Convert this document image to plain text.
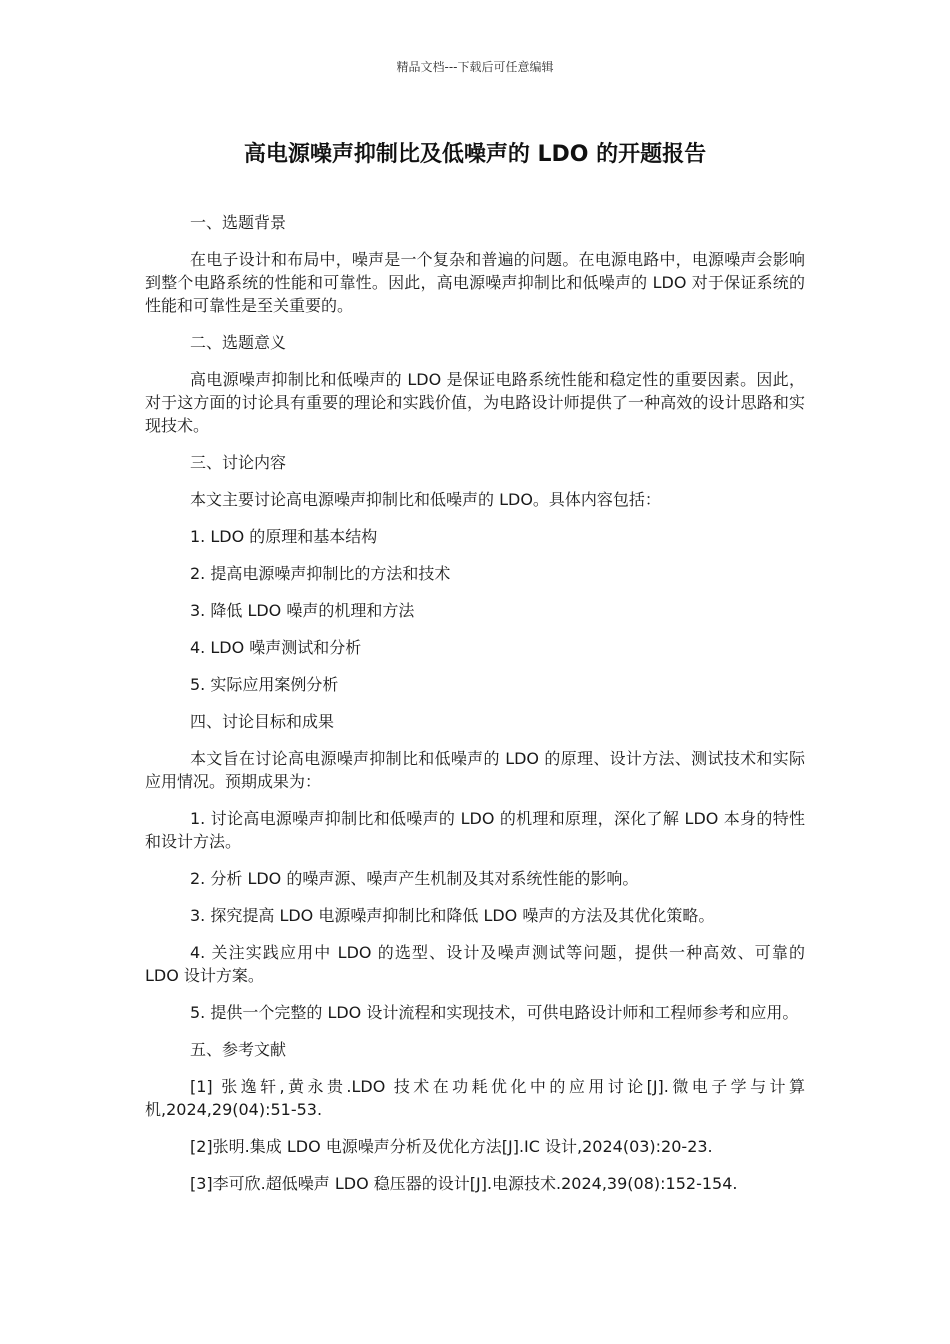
精品文档---下载后可任意编辑
高电源噪声抑制比及低噪声的 LDO 的开题报告

一、选题背景

在电子设计和布局中，噪声是一个复杂和普遍的问题。在电源电路中，电源噪声会影响到整个电路系统的性能和可靠性。因此，高电源噪声抑制比和低噪声的 LDO 对于保证系统的性能和可靠性是至关重要的。

二、选题意义

高电源噪声抑制比和低噪声的 LDO 是保证电路系统性能和稳定性的重要因素。因此，对于这方面的讨论具有重要的理论和实践价值，为电路设计师提供了一种高效的设计思路和实现技术。

三、讨论内容

本文主要讨论高电源噪声抑制比和低噪声的 LDO。具体内容包括：

1. LDO 的原理和基本结构

2. 提高电源噪声抑制比的方法和技术

3. 降低 LDO 噪声的机理和方法

4. LDO 噪声测试和分析

5. 实际应用案例分析

四、讨论目标和成果

本文旨在讨论高电源噪声抑制比和低噪声的 LDO 的原理、设计方法、测试技术和实际应用情况。预期成果为：

1. 讨论高电源噪声抑制比和低噪声的 LDO 的机理和原理，深化了解 LDO 本身的特性和设计方法。

2. 分析 LDO 的噪声源、噪声产生机制及其对系统性能的影响。

3. 探究提高 LDO 电源噪声抑制比和降低 LDO 噪声的方法及其优化策略。

4. 关注实践应用中 LDO 的选型、设计及噪声测试等问题，提供一种高效、可靠的 LDO 设计方案。

5. 提供一个完整的 LDO 设计流程和实现技术，可供电路设计师和工程师参考和应用。

五、参考文献

[1] 张逸轩,黄永贵.LDO 技术在功耗优化中的应用讨论[J].微电子学与计算机,2024,29(04):51-53.

[2]张明.集成 LDO 电源噪声分析及优化方法[J].IC 设计,2024(03):20-23.

[3]李可欣.超低噪声 LDO 稳压器的设计[J].电源技术.2024,39(08):152-154.
